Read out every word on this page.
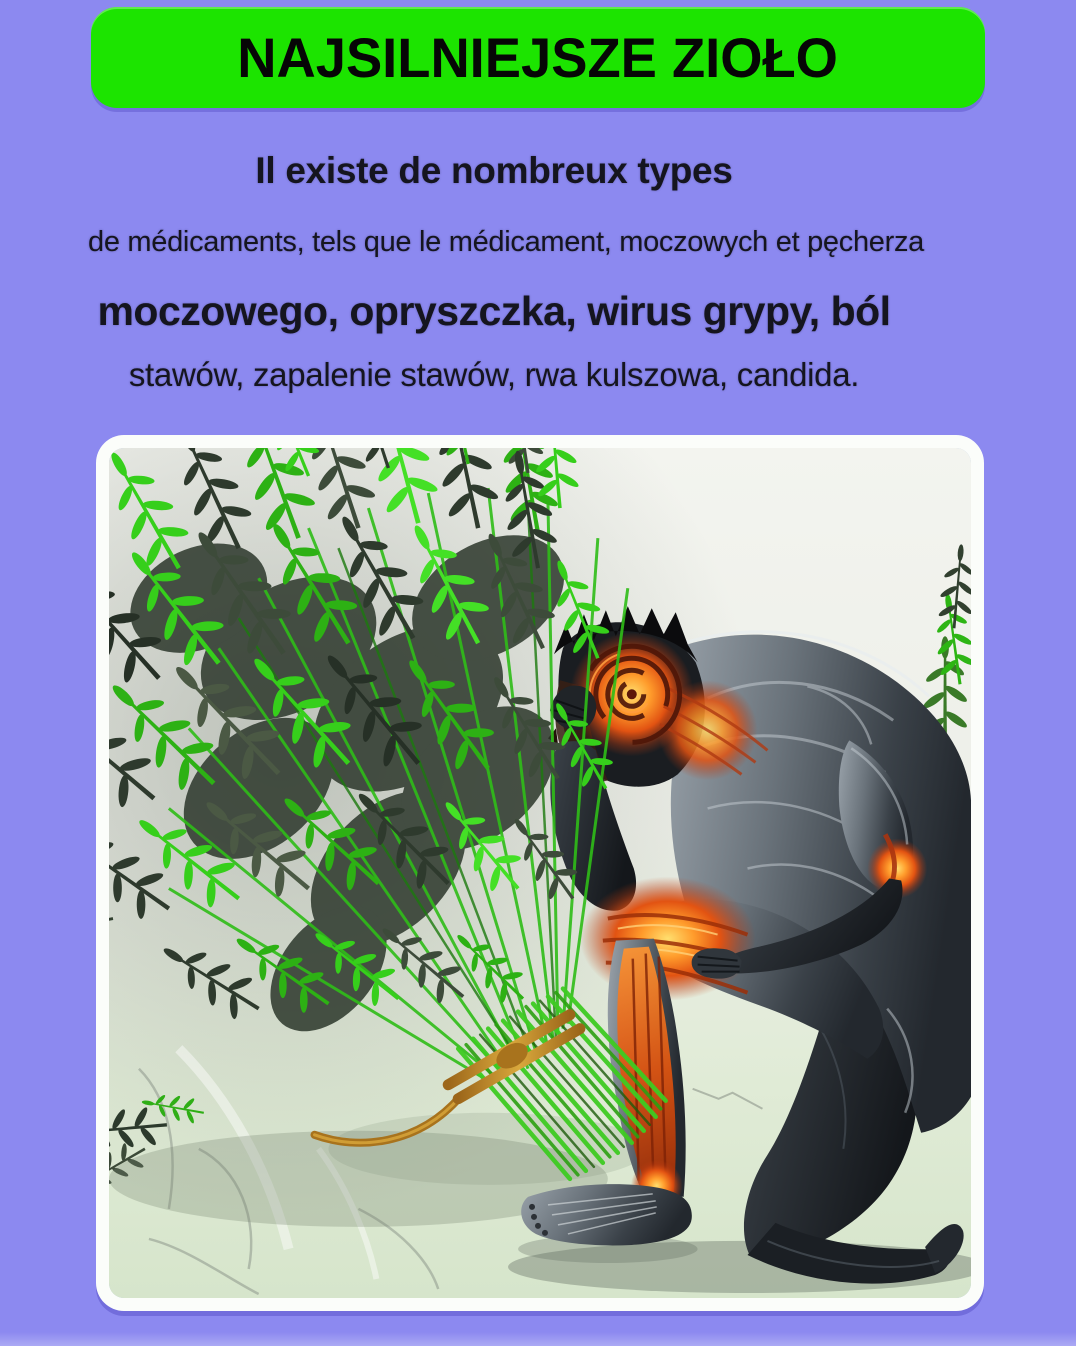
NAJSILNIEJSZE ZIOŁO

Il existe de nombreux types

de médicaments, tels que le médicament, moczowych et pęcherza

moczowego, opryszczka, wirus grypy, ból

stawów, zapalenie stawów, rwa kulszowa, candida.
